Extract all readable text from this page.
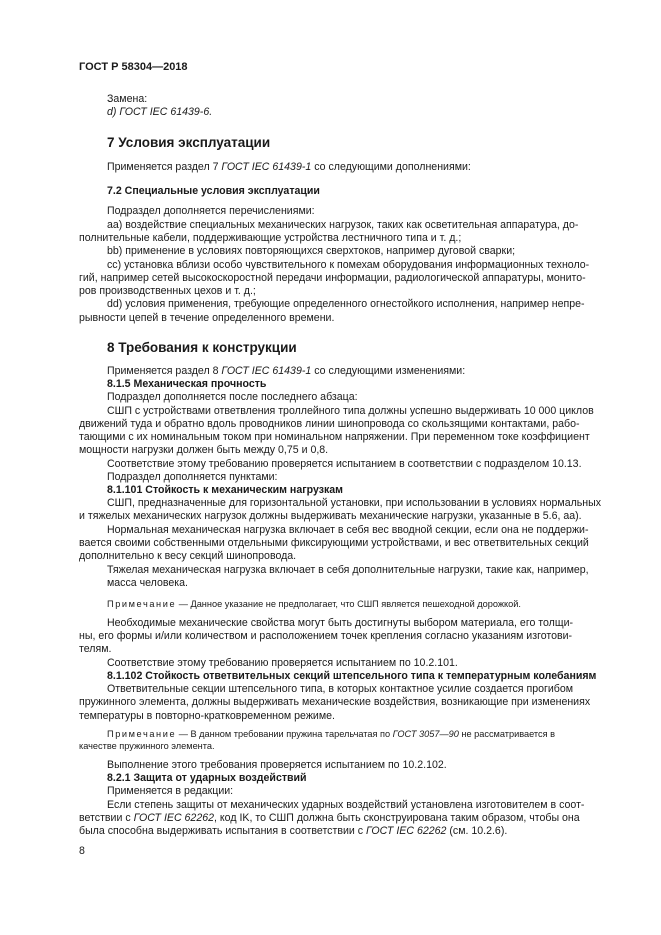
ГОСТ Р 58304—2018
Замена:
d) ГОСТ IEC 61439-6.
7 Условия эксплуатации
Применяется раздел 7 ГОСТ IEC 61439-1 со следующими дополнениями:
7.2 Специальные условия эксплуатации
Подраздел дополняется перечислениями:
аа) воздействие специальных механических нагрузок, таких как осветительная аппаратура, до-
полнительные кабели, поддерживающие устройства лестничного типа и т. д.;
bb) применение в условиях повторяющихся сверхтоков, например дуговой сварки;
сс) установка вблизи особо чувствительного к помехам оборудования информационных техноло-
гий, например сетей высокоскоростной передачи информации, радиологической аппаратуры, монито-
ров производственных цехов и т. д.;
dd) условия применения, требующие определенного огнестойкого исполнения, например непре-
рывности цепей в течение определенного времени.
8 Требования к конструкции
Применяется раздел 8 ГОСТ IEC 61439-1 со следующими изменениями:
8.1.5 Механическая прочность
Подраздел дополняется после последнего абзаца:
СШП с устройствами ответвления троллейного типа должны успешно выдерживать 10 000 циклов
движений туда и обратно вдоль проводников линии шинопровода со скользящими контактами, рабо-
тающими с их номинальным током при номинальном напряжении. При переменном токе коэффициент
мощности нагрузки должен быть между 0,75 и 0,8.
Соответствие этому требованию проверяется испытанием в соответствии с подразделом 10.13.
Подраздел дополняется пунктами:
8.1.101 Стойкость к механическим нагрузкам
СШП, предназначенные для горизонтальной установки, при использовании в условиях нормальных
и тяжелых механических нагрузок должны выдерживать механические нагрузки, указанные в 5.6, аа).
Нормальная механическая нагрузка включает в себя вес вводной секции, если она не поддержи-
вается своими собственными отдельными фиксирующими устройствами, и вес ответвительных секций
дополнительно к весу секций шинопровода.
Тяжелая механическая нагрузка включает в себя дополнительные нагрузки, такие как, например,
масса человека.
Примечание — Данное указание не предполагает, что СШП является пешеходной дорожкой.
Необходимые механические свойства могут быть достигнуты выбором материала, его толщи-
ны, его формы и/или количеством и расположением точек крепления согласно указаниям изготови-
телям.
Соответствие этому требованию проверяется испытанием по 10.2.101.
8.1.102 Стойкость ответвительных секций штепсельного типа к температурным колебаниям
Ответвительные секции штепсельного типа, в которых контактное усилие создается прогибом
пружинного элемента, должны выдерживать механические воздействия, возникающие при изменениях
температуры в повторно-кратковременном режиме.
Примечание — В данном требовании пружина тарельчатая по ГОСТ 3057—90 не рассматривается в
качестве пружинного элемента.
Выполнение этого требования проверяется испытанием по 10.2.102.
8.2.1 Защита от ударных воздействий
Применяется в редакции:
Если степень защиты от механических ударных воздействий установлена изготовителем в соот-
ветствии с ГОСТ IEC 62262, код IK, то СШП должна быть сконструирована таким образом, чтобы она
была способна выдерживать испытания в соответствии с ГОСТ IEC 62262 (см. 10.2.6).
8
